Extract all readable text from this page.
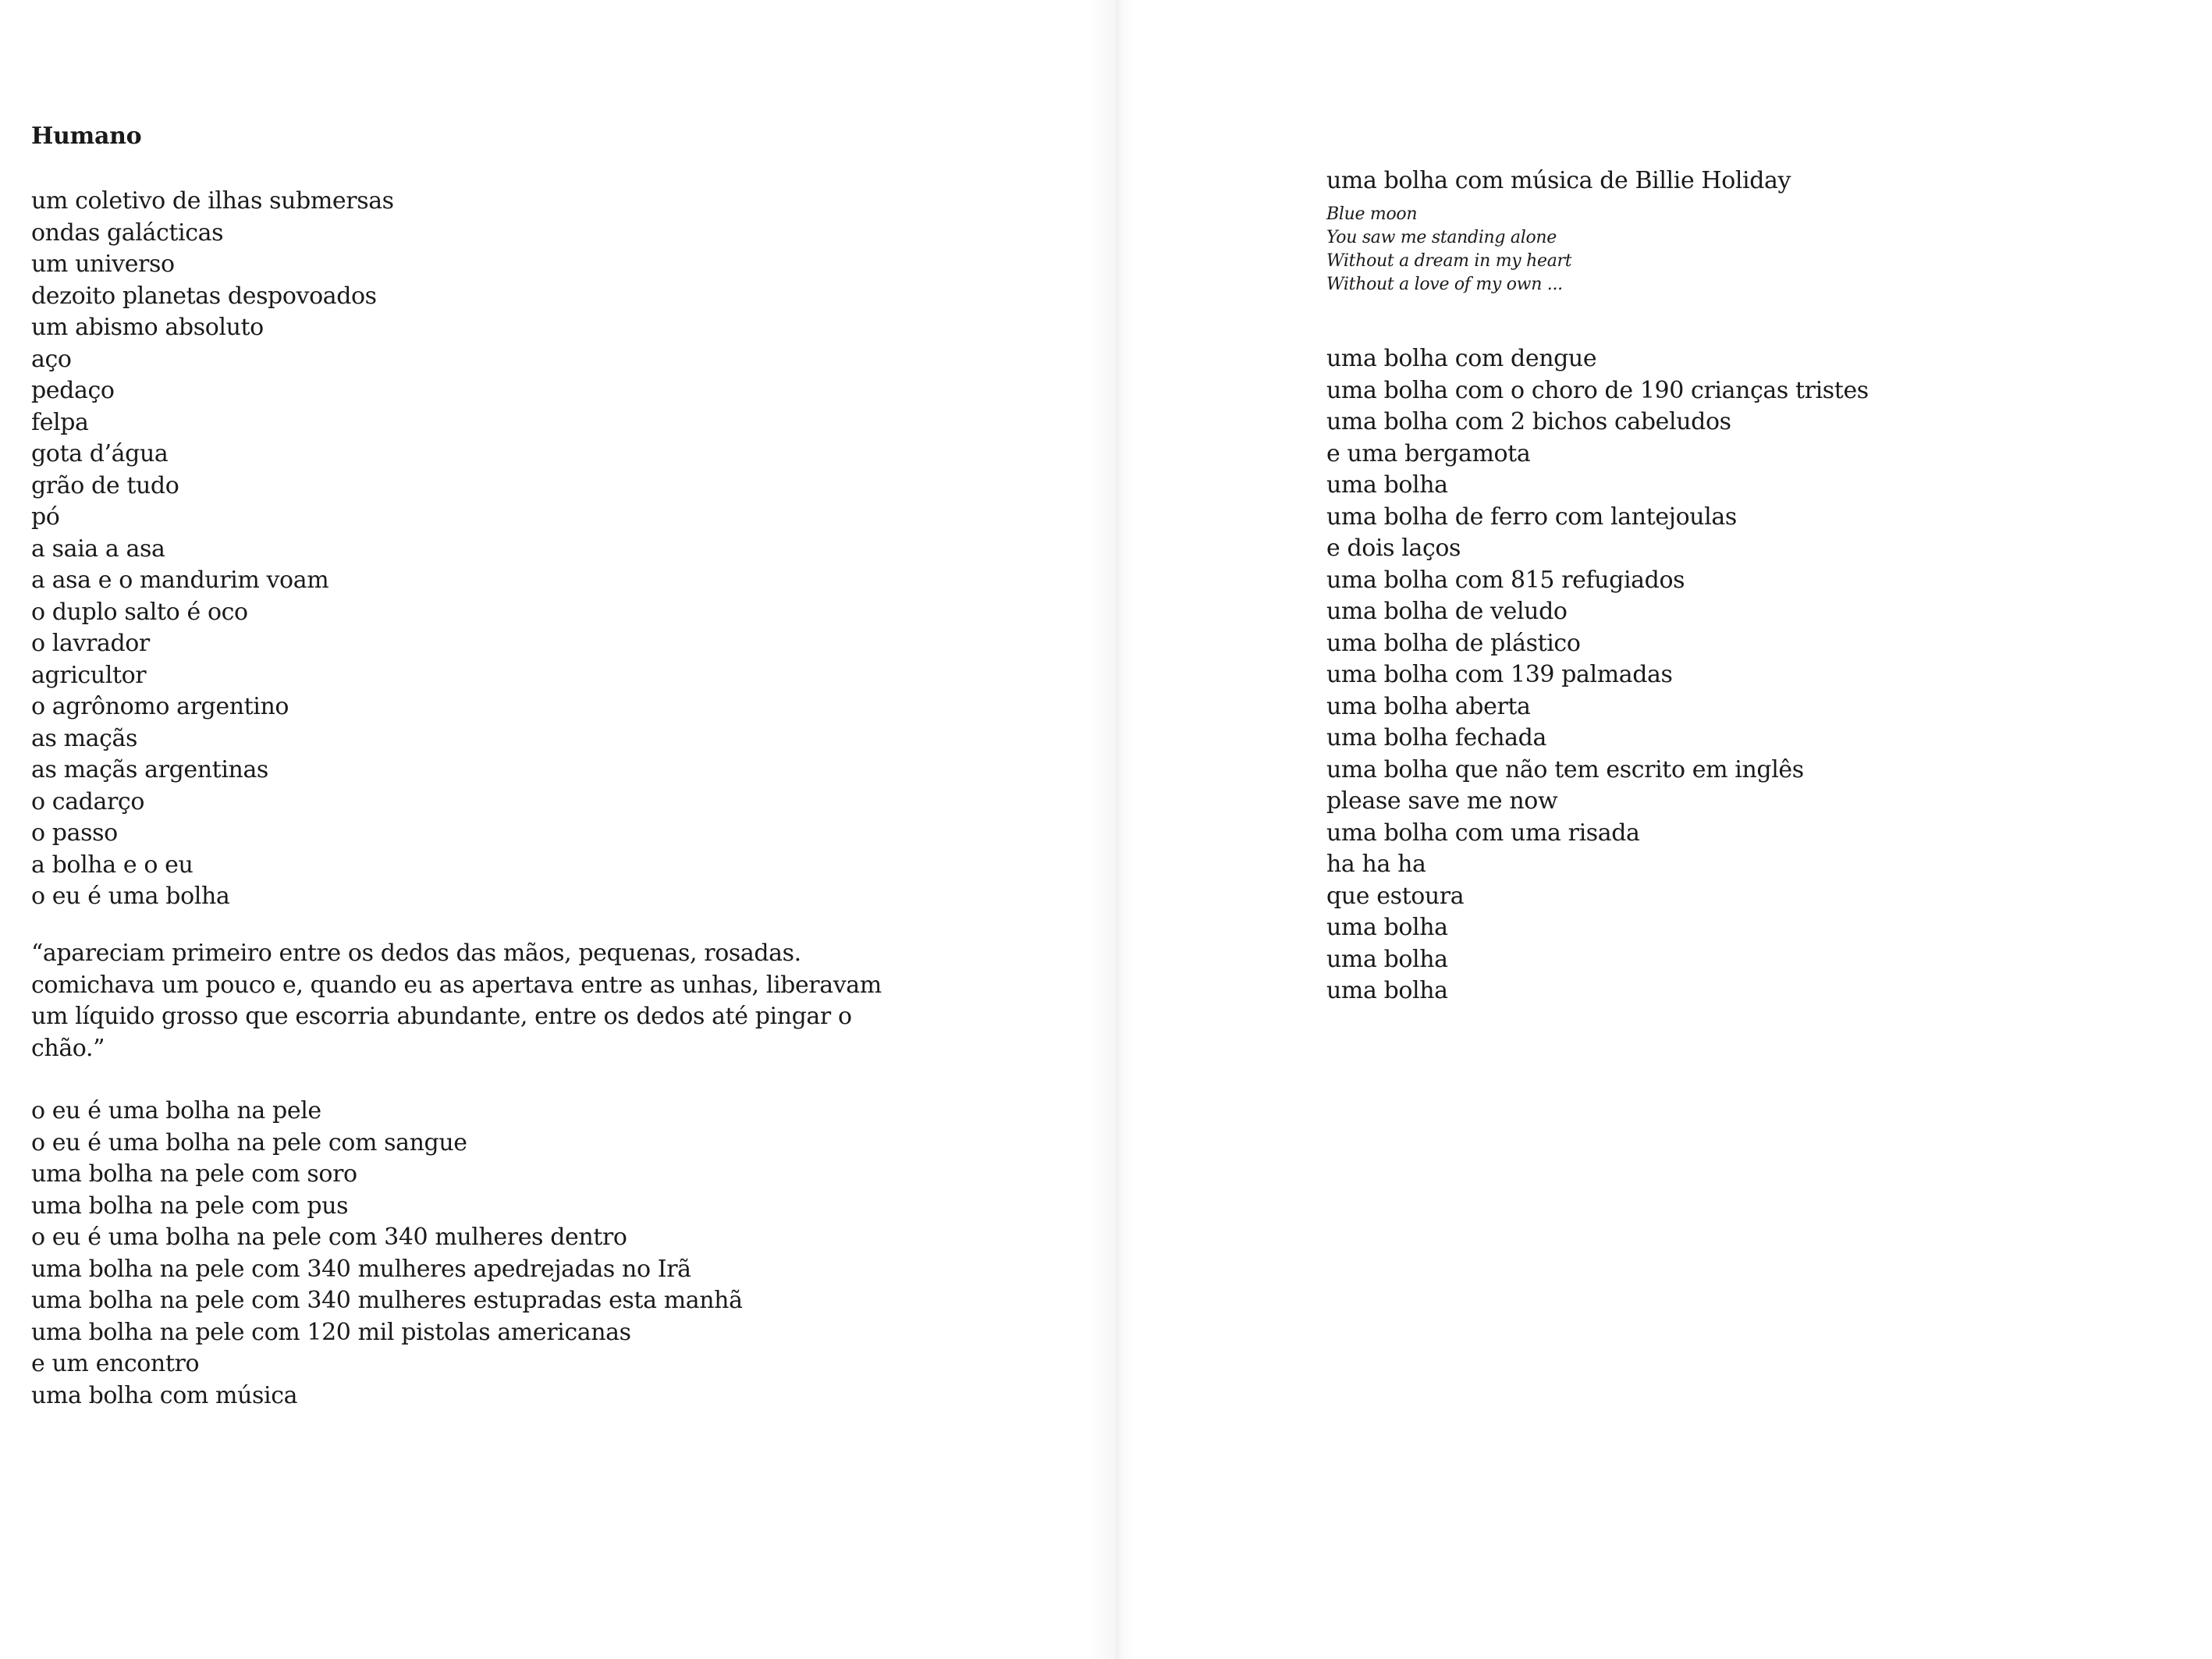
Humano
um coletivo de ilhas submersas
ondas galácticas
um universo
dezoito planetas despovoados
um abismo absoluto
aço
pedaço
felpa
gota d’água
grão de tudo
pó
a saia a asa
a asa e o mandurim voam
o duplo salto é oco
o lavrador
agricultor
o agrônomo argentino
as maçãs
as maçãs argentinas
o cadarço
o passo
a bolha e o eu
o eu é uma bolha
“apareciam primeiro entre os dedos das mãos, pequenas, rosadas.
comichava um pouco e, quando eu as apertava entre as unhas, liberavam
um líquido grosso que escorria abundante, entre os dedos até pingar o
chão.”
o eu é uma bolha na pele
o eu é uma bolha na pele com sangue
uma bolha na pele com soro
uma bolha na pele com pus
o eu é uma bolha na pele com 340 mulheres dentro
uma bolha na pele com 340 mulheres apedrejadas no Irã
uma bolha na pele com 340 mulheres estupradas esta manhã
uma bolha na pele com 120 mil pistolas americanas
e um encontro
uma bolha com música
uma bolha com música de Billie Holiday
Blue moon
You saw me standing alone
Without a dream in my heart
Without a love of my own ...
uma bolha com dengue
uma bolha com o choro de 190 crianças tristes
uma bolha com 2 bichos cabeludos
e uma bergamota
uma bolha
uma bolha de ferro com lantejoulas
e dois laços
uma bolha com 815 refugiados
uma bolha de veludo
uma bolha de plástico
uma bolha com 139 palmadas
uma bolha aberta
uma bolha fechada
uma bolha que não tem escrito em inglês
please save me now
uma bolha com uma risada
ha ha ha
que estoura
uma bolha
uma bolha
uma bolha
